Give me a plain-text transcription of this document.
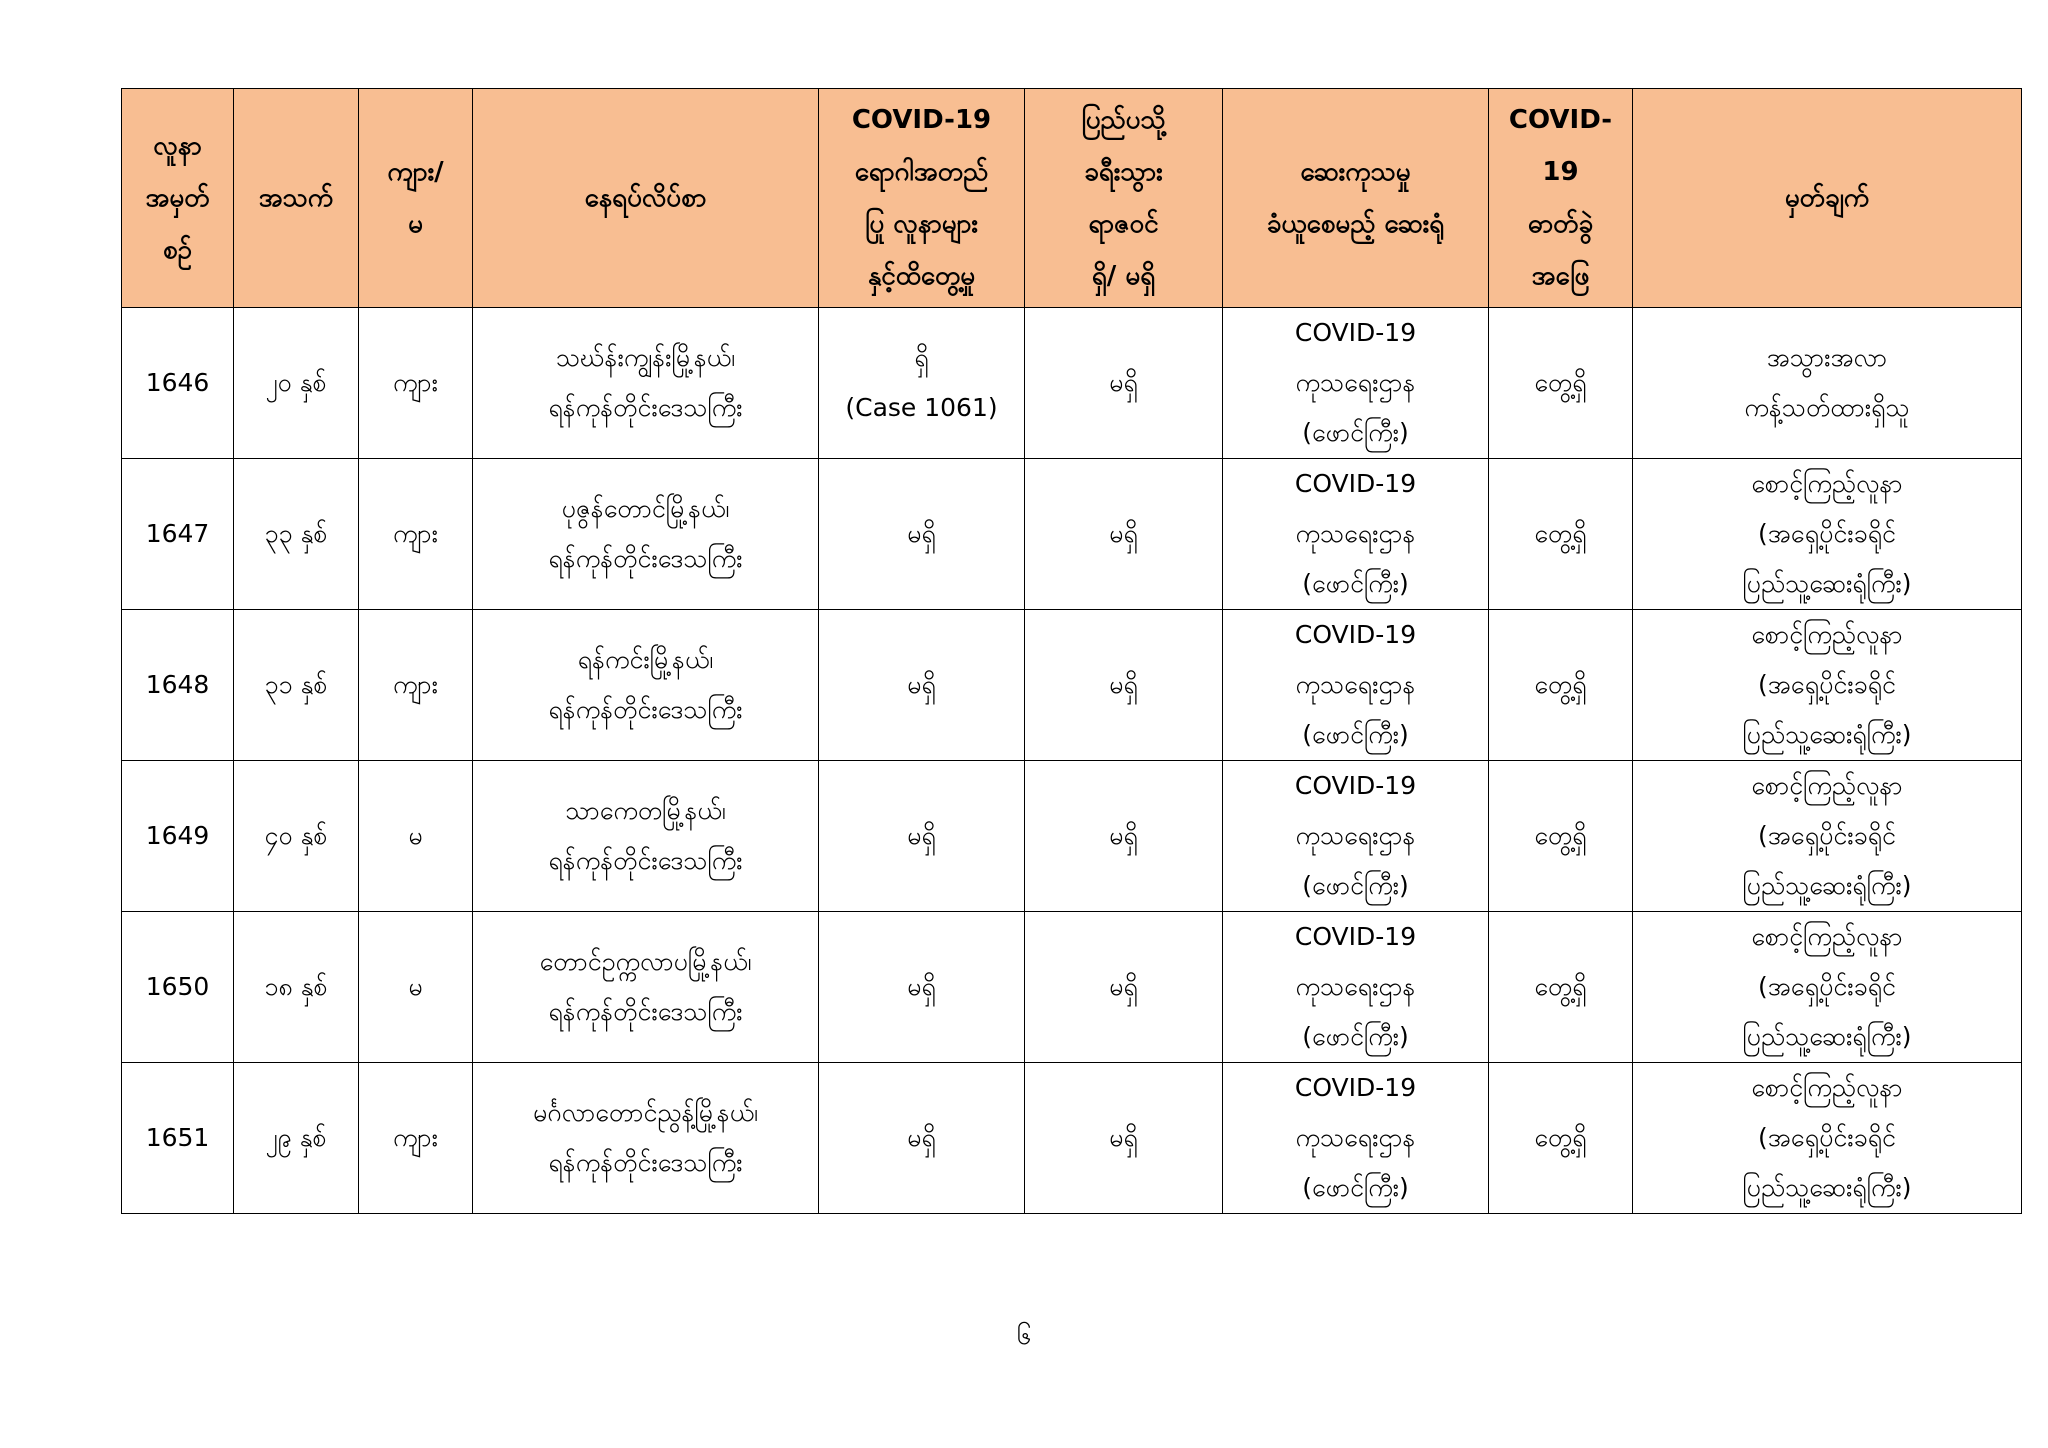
လူနာ
အမှတ်
စဉ်	အသက်	ကျား/
မ	နေရပ်လိပ်စာ	COVID-19
ရောဂါအတည်
ပြု လူနာများ
နှင့်ထိတွေ့မှု	ပြည်ပသို့
ခရီးသွား
ရာဇဝင်
ရှိ/ မရှိ	ဆေးကုသမှု
ခံယူစေမည့် ဆေးရုံ	COVID-
19
ဓာတ်ခွဲ
အဖြေ	မှတ်ချက်
1646	၂၀ နှစ်	ကျား	သဃ်န်းကျွန်းမြို့နယ်၊
ရန်ကုန်တိုင်းဒေသကြီး	ရှိ
(Case 1061)	မရှိ	COVID-19
ကုသရေးဌာန
(ဖောင်ကြီး)	တွေ့ရှိ	အသွားအလာ
ကန့်သတ်ထားရှိသူ
1647	၃၃ နှစ်	ကျား	ပုဇွန်တောင်မြို့နယ်၊
ရန်ကုန်တိုင်းဒေသကြီး	မရှိ	မရှိ	COVID-19
ကုသရေးဌာန
(ဖောင်ကြီး)	တွေ့ရှိ	စောင့်ကြည့်လူနာ
(အရှေ့ပိုင်းခရိုင်
ပြည်သူ့ဆေးရုံကြီး)
1648	၃၁ နှစ်	ကျား	ရန်ကင်းမြို့နယ်၊
ရန်ကုန်တိုင်းဒေသကြီး	မရှိ	မရှိ	COVID-19
ကုသရေးဌာန
(ဖောင်ကြီး)	တွေ့ရှိ	စောင့်ကြည့်လူနာ
(အရှေ့ပိုင်းခရိုင်
ပြည်သူ့ဆေးရုံကြီး)
1649	၄၀ နှစ်	မ	သာကေတမြို့နယ်၊
ရန်ကုန်တိုင်းဒေသကြီး	မရှိ	မရှိ	COVID-19
ကုသရေးဌာန
(ဖောင်ကြီး)	တွေ့ရှိ	စောင့်ကြည့်လူနာ
(အရှေ့ပိုင်းခရိုင်
ပြည်သူ့ဆေးရုံကြီး)
1650	၁၈ နှစ်	မ	တောင်ဥက္ကလာပမြို့နယ်၊
ရန်ကုန်တိုင်းဒေသကြီး	မရှိ	မရှိ	COVID-19
ကုသရေးဌာန
(ဖောင်ကြီး)	တွေ့ရှိ	စောင့်ကြည့်လူနာ
(အရှေ့ပိုင်းခရိုင်
ပြည်သူ့ဆေးရုံကြီး)
1651	၂၉ နှစ်	ကျား	မင်္ဂလာတောင်ညွန့်မြို့နယ်၊
ရန်ကုန်တိုင်းဒေသကြီး	မရှိ	မရှိ	COVID-19
ကုသရေးဌာန
(ဖောင်ကြီး)	တွေ့ရှိ	စောင့်ကြည့်လူနာ
(အရှေ့ပိုင်းခရိုင်
ပြည်သူ့ဆေးရုံကြီး)
၆
